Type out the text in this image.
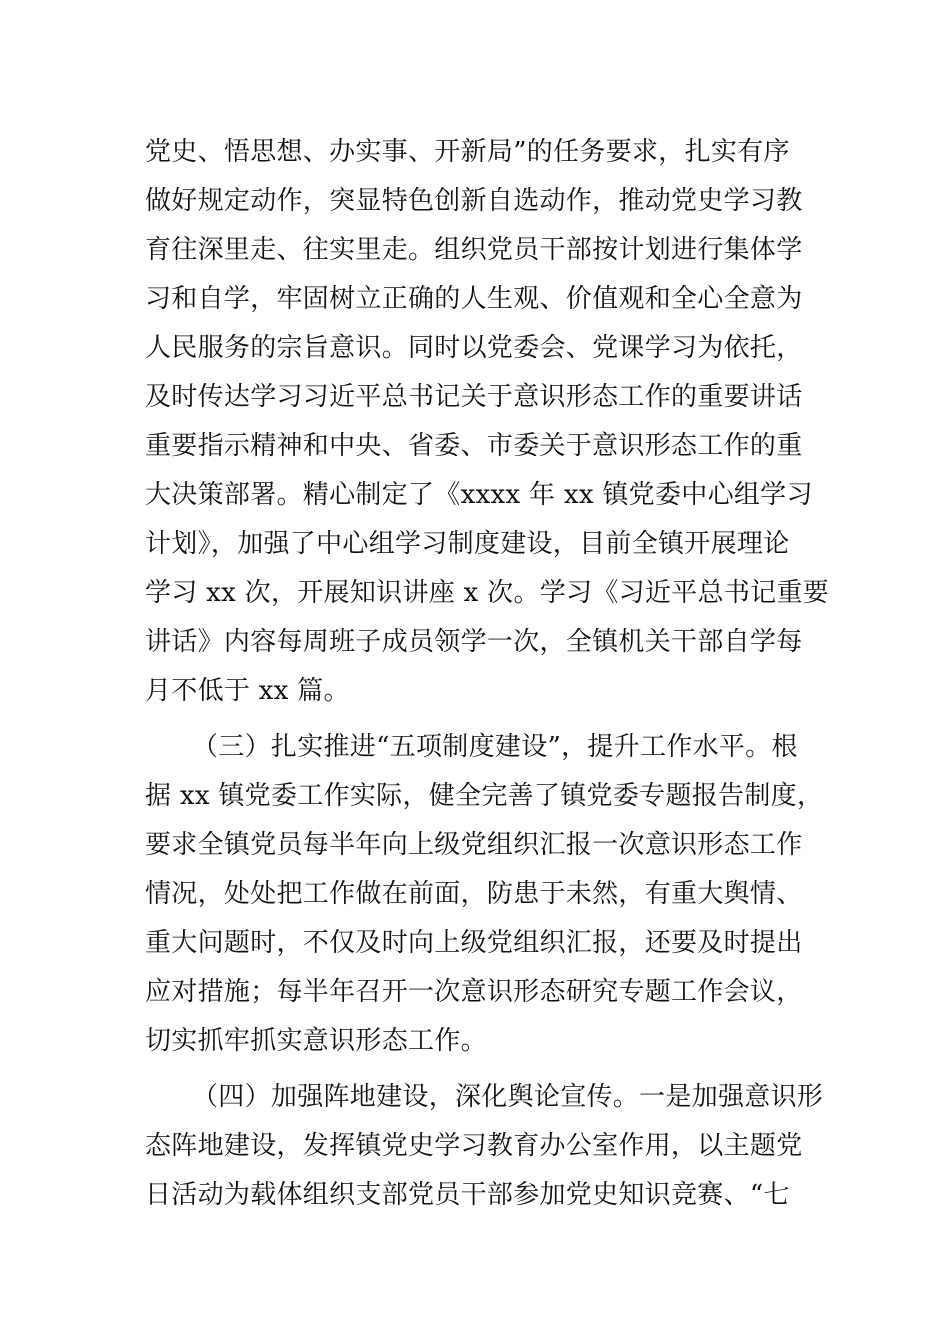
党史、悟思想、办实事、开新局”的任务要求，扎实有序
做好规定动作，突显特色创新自选动作，推动党史学习教
育往深里走、往实里走。组织党员干部按计划进行集体学
习和自学，牢固树立正确的人生观、价值观和全心全意为
人民服务的宗旨意识。同时以党委会、党课学习为依托，
及时传达学习习近平总书记关于意识形态工作的重要讲话
重要指示精神和中央、省委、市委关于意识形态工作的重
大决策部署。精心制定了《xxxx 年 xx 镇党委中心组学习
计划》，加强了中心组学习制度建设，目前全镇开展理论
学习 xx 次，开展知识讲座 x 次。学习《习近平总书记重要
讲话》内容每周班子成员领学一次，全镇机关干部自学每
月不低于 xx 篇。
（三）扎实推进“五项制度建设”，提升工作水平。根
据 xx 镇党委工作实际，健全完善了镇党委专题报告制度，
要求全镇党员每半年向上级党组织汇报一次意识形态工作
情况，处处把工作做在前面，防患于未然，有重大舆情、
重大问题时，不仅及时向上级党组织汇报，还要及时提出
应对措施；每半年召开一次意识形态研究专题工作会议，
切实抓牢抓实意识形态工作。
（四）加强阵地建设，深化舆论宣传。一是加强意识形
态阵地建设，发挥镇党史学习教育办公室作用，以主题党
日活动为载体组织支部党员干部参加党史知识竞赛、“七
